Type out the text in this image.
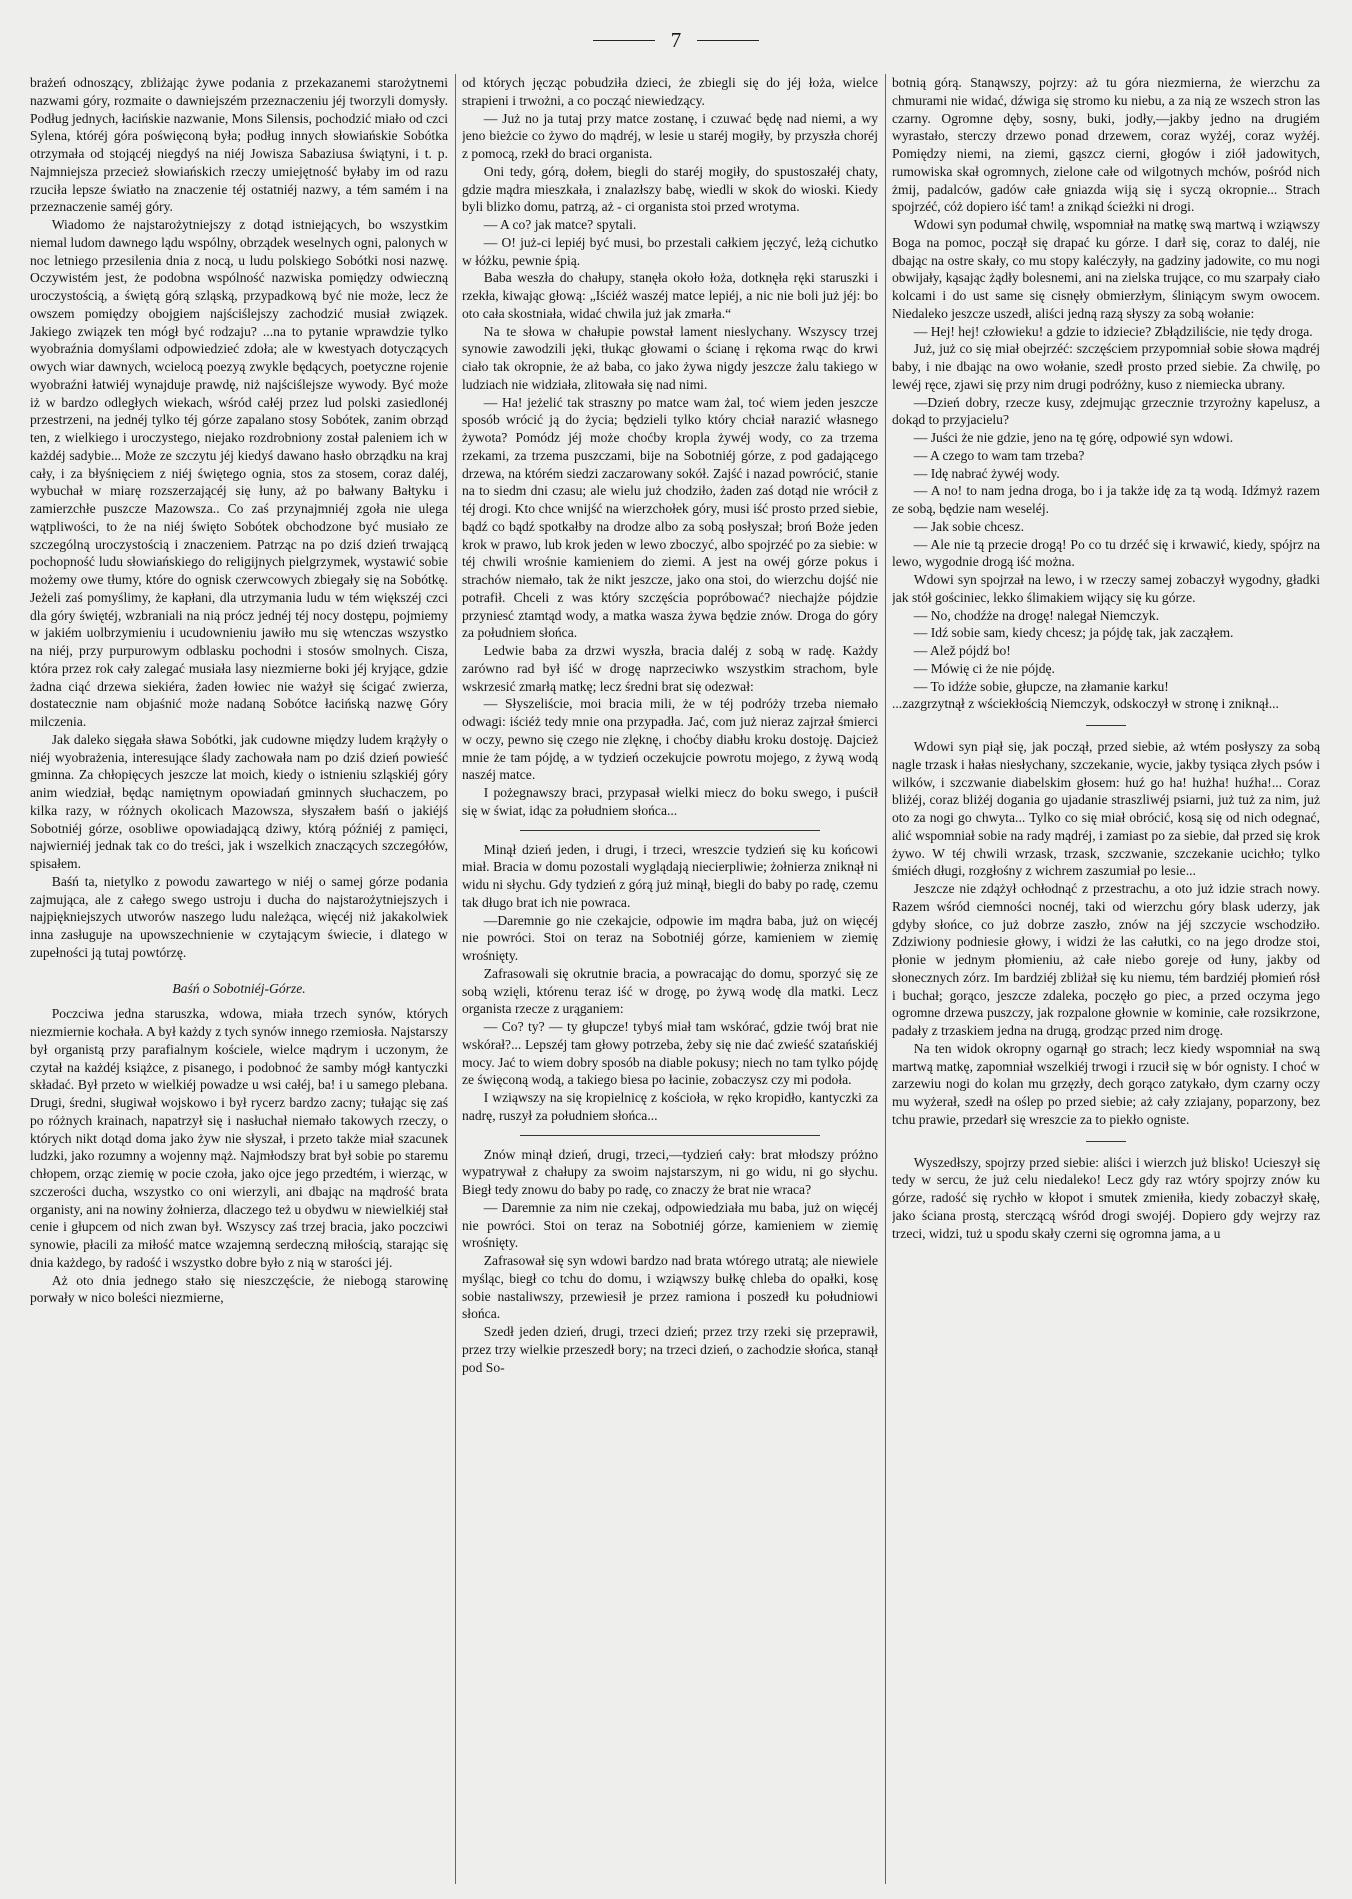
7

brażeń odnoszący, zbliżając żywe podania z przekazanemi starożytnemi nazwami góry, rozmaite o dawniejszém przeznaczeniu jéj tworzyli domysły. Podług jednych, łacińskie nazwanie, Mons Silensis, pochodzić miało od czci Sylena, któréj góra poświęconą była; podług innych słowiańskie Sobótka otrzymała od stojącéj niegdyś na niéj Jowisza Sabaziusa świątyni, i t. p. Najmniejsza przecież słowiańskich rzeczy umiejętność byłaby im od razu rzuciła lepsze światło na znaczenie téj ostatniéj nazwy, a tém samém i na przeznaczenie saméj góry.

Wiadomo że najstarożytniejszy z dotąd istniejących, bo wszystkim niemal ludom dawnego lądu wspólny, obrządek weselnych ogni, palonych w noc letniego przesilenia dnia z nocą, u ludu polskiego Sobótki nosi nazwę. Oczywistém jest, że podobna wspólność nazwiska pomiędzy odwieczną uroczystością, a świętą górą szląską, przypadkową być nie może, lecz że owszem pomiędzy obojgiem najściślejszy zachodzić musiał związek. Jakiego związek ten mógł być rodzaju? ...na to pytanie wprawdzie tylko wyobraźnia domyślami odpowiedzieć zdoła; ale w kwestyach dotyczących owych wiar dawnych, wcielocą poezyą zwykle będących, poetyczne rojenie wyobraźni łatwiéj wynajduje prawdę, niż najściślejsze wywody. Być może iż w bardzo odległych wiekach, wśród całéj przez lud polski zasiedlonéj przestrzeni, na jednéj tylko téj górze zapalano stosy Sobótek, zanim obrząd ten, z wielkiego i uroczystego, niejako rozdrobniony został paleniem ich w każdéj sadybie... Może ze szczytu jéj kiedyś dawano hasło obrządku na kraj cały, i za błyśnięciem z niéj świętego ognia, stos za stosem, coraz daléj, wybuchał w miarę rozszerzającéj się łuny, aż po bałwany Bałtyku i zamierzchłe puszcze Mazowsza.. Co zaś przynajmniéj zgoła nie ulega wątpliwości, to że na niéj święto Sobótek obchodzone być musiało ze szczególną uroczystością i znaczeniem. Patrząc na po dziś dzień trwającą pochopność ludu słowiańskiego do religijnych pielgrzymek, wystawić sobie możemy owe tłumy, które do ognisk czerwcowych zbiegały się na Sobótkę. Jeżeli zaś pomyślimy, że kapłani, dla utrzymania ludu w tém większéj czci dla góry świętéj, wzbraniali na nią prócz jednéj téj nocy dostępu, pojmiemy w jakiém uolbrzymieniu i ucudownieniu jawiło mu się wtenczas wszystko na niéj, przy purpurowym odblasku pochodni i stosów smolnych. Cisza, która przez rok cały zalegać musiała lasy niezmierne boki jéj kryjące, gdzie żadna ciąć drzewa siekiéra, żaden łowiec nie ważył się ścigać zwierza, dostatecznie nam objaśnić może nadaną Sobótce łacińską nazwę Góry milczenia.

Jak daleko sięgała sława Sobótki, jak cudowne między ludem krążyły o niéj wyobrażenia, interesujące ślady zachowała nam po dziś dzień powieść gminna. Za chłopięcych jeszcze lat moich, kiedy o istnieniu szląskiéj góry anim wiedział, będąc namiętnym opowiadań gminnych słuchaczem, po kilka razy, w różnych okolicach Mazowsza, słyszałem baśń o jakiéjś Sobotniéj górze, osobliwe opowiadającą dziwy, którą późniéj z pamięci, najwierniéj jednak tak co do treści, jak i wszelkich znaczących szczegółów, spisałem.

Baśń ta, nietylko z powodu zawartego w niéj o samej górze podania zajmująca, ale z całego swego ustroju i ducha do najstarożytniejszych i najpiękniejszych utworów naszego ludu należąca, więcéj niż jakakolwiek inna zasługuje na upowszechnienie w czytającym świecie, i dlatego w zupełności ją tutaj powtórzę.

Baśń o Sobotniéj-Górze.

Poczciwa jedna staruszka, wdowa, miała trzech synów, których niezmiernie kochała. A był każdy z tych synów innego rzemiosła. Najstarszy był organistą przy parafialnym kościele, wielce mądrym i uczonym, że czytał na każdéj książce, z pisanego, i podobnoć że samby mógł kantyczki składać. Był przeto w wielkiéj powadze u wsi całéj, ba! i u samego plebana. Drugi, średni, sługiwał wojskowo i był rycerz bardzo zacny; tułając się zaś po różnych krainach, napatrzył się i nasłuchał niemało takowych rzeczy, o których nikt dotąd doma jako żyw nie słyszał, i przeto także miał szacunek ludzki, jako rozumny a wojenny mąż. Najmłodszy brat był sobie po staremu chłopem, orząc ziemię w pocie czoła, jako ojce jego przedtém, i wierząc, w szczerości ducha, wszystko co oni wierzyli, ani dbając na mądrość brata organisty, ani na nowiny żołnierza, dlaczego też u obydwu w niewielkiéj stał cenie i głupcem od nich zwan był. Wszyscy zaś trzej bracia, jako poczciwi synowie, płacili za miłość matce wzajemną serdeczną miłością, starając się dnia każdego, by radość i wszystko dobre było z nią w starości jéj.

Aż oto dnia jednego stało się nieszczęście, że niebogą starowinę porwały w nico boleści niezmierne,

od których jęcząc pobudziła dzieci, że zbiegli się do jéj łoża, wielce strapieni i trwożni, a co począć niewiedzący.

— Już no ja tutaj przy matce zostanę, i czuwać będę nad niemi, a wy jeno bieżcie co żywo do mądréj, w lesie u staréj mogiły, by przyszła choréj z pomocą, rzekł do braci organista.

Oni tedy, górą, dołem, biegli do staréj mogiły, do spustoszałéj chaty, gdzie mądra mieszkała, i znalazłszy babę, wiedli w skok do wioski. Kiedy byli blizko domu, patrzą, aż - ci organista stoi przed wrotyma.

— A co? jak matce? spytali.

— O! już-ci lepiéj być musi, bo przestali całkiem jęczyć, leżą cichutko w łóżku, pewnie śpią.

Baba weszła do chałupy, stanęła około łoża, dotknęła ręki staruszki i rzekła, kiwając głową: „Iściéż waszéj matce lepiéj, a nic nie boli już jéj: bo oto cała skostniała, widać chwila już jak zmarła.“

Na te słowa w chałupie powstał lament nieslychany. Wszyscy trzej synowie zawodzili jęki, tłukąc głowami o ścianę i rękoma rwąc do krwi ciało tak okropnie, że aż baba, co jako żywa nigdy jeszcze żalu takiego w ludziach nie widziała, zlitowała się nad nimi.

— Ha! jeżelić tak straszny po matce wam żal, toć wiem jeden jeszcze sposób wrócić ją do życia; będzieli tylko który chciał narazić własnego żywota? Pomódz jéj może choćby kropla żywéj wody, co za trzema rzekami, za trzema puszczami, bije na Sobotniéj górze, z pod gadającego drzewa, na którém siedzi zaczarowany sokół. Zajść i nazad powrócić, stanie na to siedm dni czasu; ale wielu już chodziło, żaden zaś dotąd nie wrócił z téj drogi. Kto chce wnijść na wierzchołek góry, musi iść prosto przed siebie, bądź co bądź spotkałby na drodze albo za sobą posłyszał; broń Boże jeden krok w prawo, lub krok jeden w lewo zboczyć, albo spojrzéć po za siebie: w téj chwili wrośnie kamieniem do ziemi. A jest na owéj górze pokus i strachów niemało, tak że nikt jeszcze, jako ona stoi, do wierzchu dojść nie potrafił. Chceli z was który szczęścia popróbować? niechajże pójdzie przyniesć ztamtąd wody, a matka wasza żywa będzie znów. Droga do góry za południem słońca.

Ledwie baba za drzwi wyszła, bracia daléj z sobą w radę. Każdy zarówno rad był iść w drogę naprzeciwko wszystkim strachom, byle wskrzesić zmarłą matkę; lecz średni brat się odezwał:

— Słyszeliście, moi bracia mili, że w téj podróży trzeba niemało odwagi: iściéż tedy mnie ona przypadła. Jać, com już nieraz zajrzał śmierci w oczy, pewno się czego nie zlęknę, i choćby diabłu kroku dostoję. Dajcież mnie że tam pójdę, a w tydzień oczekujcie powrotu mojego, z żywą wodą naszéj matce.

I pożegnawszy braci, przypasał wielki miecz do boku swego, i puścił się w świat, idąc za południem słońca...

Minął dzień jeden, i drugi, i trzeci, wreszcie tydzień się ku końcowi miał. Bracia w domu pozostali wyglądają niecierpliwie; żołnierza zniknął ni widu ni słychu. Gdy tydzień z górą już minął, biegli do baby po radę, czemu tak długo brat ich nie powraca.

—Daremnie go nie czekajcie, odpowie im mądra baba, już on więcéj nie powróci. Stoi on teraz na Sobotniéj górze, kamieniem w ziemię wrośnięty.

Zafrasowali się okrutnie bracia, a powracając do domu, sporzyć się ze sobą wzięli, którenu teraz iść w drogę, po żywą wodę dla matki. Lecz organista rzecze z urąganiem:

— Co? ty? — ty głupcze! tybyś miał tam wskórać, gdzie twój brat nie wskórał?... Lepszéj tam głowy potrzeba, żeby się nie dać zwieść szatańskiéj mocy. Jać to wiem dobry sposób na diable pokusy; niech no tam tylko pójdę ze święconą wodą, a takiego biesa po łacinie, zobaczysz czy mi podoła.

I wziąwszy na się kropielnicę z kościoła, w ręko kropidło, kantyczki za nadrę, ruszył za południem słońca...

Znów minął dzień, drugi, trzeci,—tydzień cały: brat młodszy próżno wypatrywał z chałupy za swoim najstarszym, ni go widu, ni go słychu. Biegł tedy znowu do baby po radę, co znaczy że brat nie wraca?

— Daremnie za nim nie czekaj, odpowiedziała mu baba, już on więcéj nie powróci. Stoi on teraz na Sobotniéj górze, kamieniem w ziemię wrośnięty.

Zafrasował się syn wdowi bardzo nad brata wtórego utratą; ale niewiele myśląc, biegł co tchu do domu, i wziąwszy bułkę chleba do opałki, kosę sobie nastaliwszy, przewiesił je przez ramiona i poszedł ku południowi słońca.

Szedł jeden dzień, drugi, trzeci dzień; przez trzy rzeki się przeprawił, przez trzy wielkie przeszedł bory; na trzeci dzień, o zachodzie słońca, stanął pod So-

botnią górą. Stanąwszy, pojrzy: aż tu góra niezmierna, że wierzchu za chmurami nie widać, dźwiga się stromo ku niebu, a za nią ze wszech stron las czarny. Ogromne dęby, sosny, buki, jodły,—jakby jedno na drugiém wyrastało, sterczy drzewo ponad drzewem, coraz wyżéj, coraz wyżéj. Pomiędzy niemi, na ziemi, gąszcz cierni, głogów i ziół jadowitych, rumowiska skał ogromnych, zielone całe od wilgotnych mchów, pośród nich żmij, padalców, gadów całe gniazda wiją się i syczą okropnie... Strach spojrzéć, cóż dopiero iść tam! a znikąd ścieżki ni drogi.

Wdowi syn podumał chwilę, wspomniał na matkę swą martwą i wziąwszy Boga na pomoc, począł się drapać ku górze. I darł się, coraz to daléj, nie dbając na ostre skały, co mu stopy kaléczyły, na gadziny jadowite, co mu nogi obwijały, kąsając żądły bolesnemi, ani na zielska trujące, co mu szarpały ciało kolcami i do ust same się cisnęły obmierzłym, śliniącym swym owocem. Niedaleko jeszcze uszedł, aliści jedną razą słyszy za sobą wołanie:

— Hej! hej! człowieku! a gdzie to idziecie? Zbłądziliście, nie tędy droga.

Już, już co się miał obejrzéć: szczęściem przypomniał sobie słowa mądréj baby, i nie dbając na owo wołanie, szedł prosto przed siebie. Za chwilę, po lewéj ręce, zjawi się przy nim drugi podróżny, kuso z niemiecka ubrany.

—Dzień dobry, rzecze kusy, zdejmując grzecznie trzyrożny kapelusz, a dokąd to przyjacielu?

— Juści że nie gdzie, jeno na tę górę, odpowié syn wdowi.

— A czego to wam tam trzeba?

— Idę nabrać żywéj wody.

— A no! to nam jedna droga, bo i ja także idę za tą wodą. Idźmyż razem ze sobą, będzie nam weseléj.

— Jak sobie chcesz.

— Ale nie tą przecie drogą! Po co tu drzéć się i krwawić, kiedy, spójrz na lewo, wygodnie drogą iść można.

Wdowi syn spojrzał na lewo, i w rzeczy samej zobaczył wygodny, gładki jak stół gościniec, lekko ślimakiem wijący się ku górze.

— No, chodźże na drogę! nalegał Niemczyk.

— Idź sobie sam, kiedy chcesz; ja pójdę tak, jak zacząłem.

— Alež pójdź bo!

— Mówię ci że nie pójdę.

— To idźże sobie, głupcze, na złamanie karku!

...zazgrzytnął z wściekłością Niemczyk, odskoczył w stronę i zniknął...

Wdowi syn piął się, jak począł, przed siebie, aż wtém posłyszy za sobą nagle trzask i hałas niesłychany, szczekanie, wycie, jakby tysiąca złych psów i wilków, i szczwanie diabelskim głosem: huź go ha! hużha! huźha!... Coraz bliżéj, coraz bliżéj dogania go ujadanie straszliwéj psiarni, już tuż za nim, już oto za nogi go chwyta... Tylko co się miał obrócić, kosą się od nich odegnać, alić wspomniał sobie na rady mądréj, i zamiast po za siebie, dał przed się krok żywo. W téj chwili wrzask, trzask, szczwanie, szczekanie ucichło; tylko śmiéch długi, rozgłośny z wichrem zaszumiał po lesie...

Jeszcze nie zdążył ochłodnąć z przestrachu, a oto już idzie strach nowy. Razem wśród ciemności nocnéj, taki od wierzchu góry blask uderzy, jak gdyby słońce, co już dobrze zaszło, znów na jéj szczycie wschodziło. Zdziwiony podniesie głowy, i widzi że las całutki, co na jego drodze stoi, płonie w jednym płomieniu, aż całe niebo goreje od łuny, jakby od słonecznych zórz. Im bardziéj zbliżał się ku niemu, tém bardziéj płomień rósł i buchał; gorąco, jeszcze zdaleka, poczęło go piec, a przed oczyma jego ogromne drzewa puszczy, jak rozpalone głownie w kominie, całe rozsikrzone, padały z trzaskiem jedna na drugą, grodząc przed nim drogę.

Na ten widok okropny ogarnął go strach; lecz kiedy wspomniał na swą martwą matkę, zapomniał wszelkiéj trwogi i rzucił się w bór ognisty. I choć w zarzewiu nogi do kolan mu grzęzły, dech gorąco zatykało, dym czarny oczy mu wyżerał, szedł na oślep po przed siebie; aż cały zziajany, poparzony, bez tchu prawie, przedarł się wreszcie za to piekło ogniste.

Wyszedłszy, spojrzy przed siebie: aliści i wierzch już blisko! Ucieszył się tedy w sercu, że już celu niedaleko! Lecz gdy raz wtóry spojrzy znów ku górze, radość się rychło w kłopot i smutek zmieniła, kiedy zobaczył skałę, jako ściana prostą, sterczącą wśród drogi swojéj. Dopiero gdy wejrzy raz trzeci, widzi, tuż u spodu skały czerni się ogromna jama, a u
